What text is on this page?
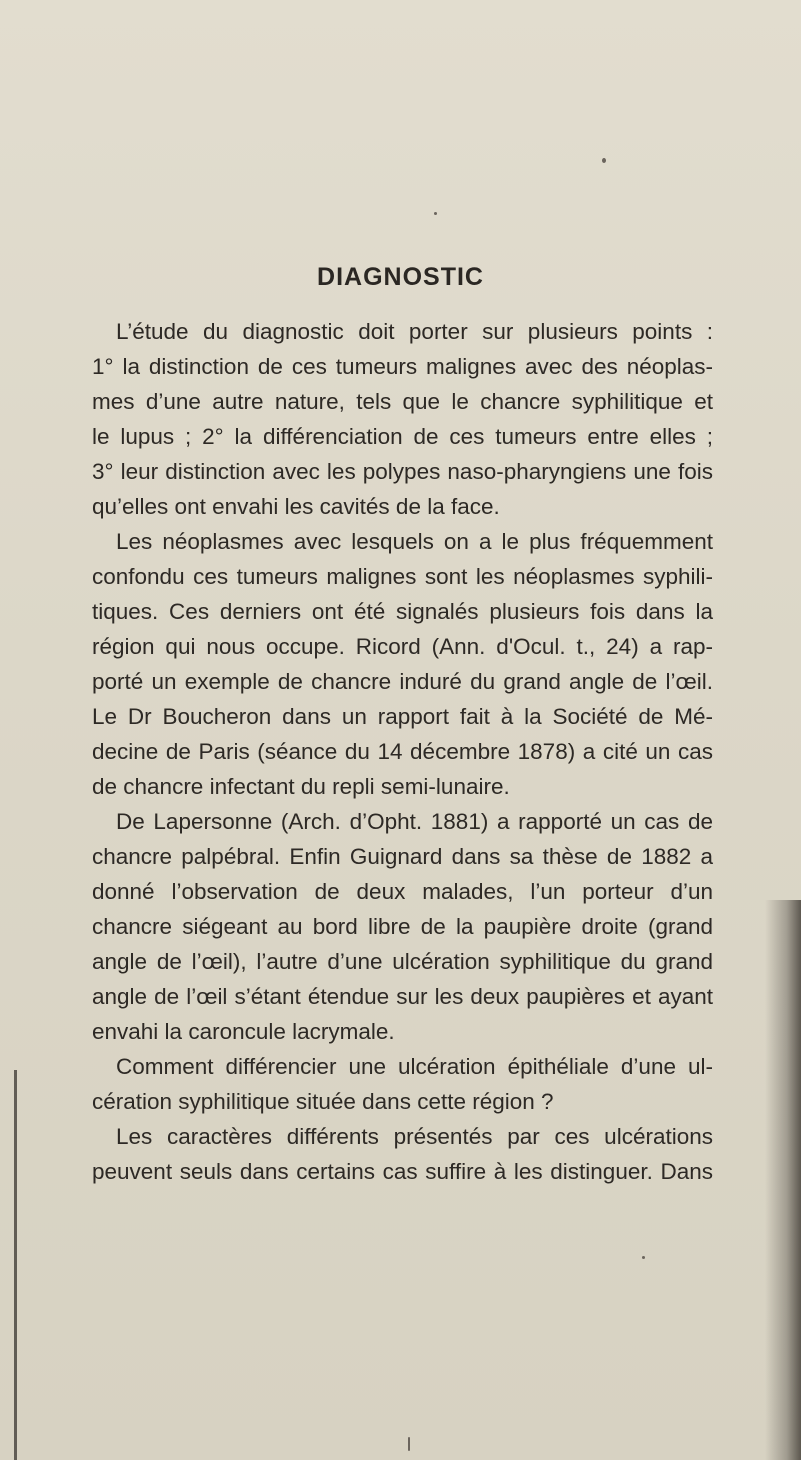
DIAGNOSTIC
L’étude du diagnostic doit porter sur plusieurs points :
1° la distinction de ces tumeurs malignes avec des néoplas-
mes d’une autre nature, tels que le chancre syphilitique et
le lupus ; 2° la différenciation de ces tumeurs entre elles ;
3° leur distinction avec les polypes naso-pharyngiens une fois
qu’elles ont envahi les cavités de la face.
Les néoplasmes avec lesquels on a le plus fréquemment
confondu ces tumeurs malignes sont les néoplasmes syphili-
tiques. Ces derniers ont été signalés plusieurs fois dans la
région qui nous occupe. Ricord (Ann. d'Ocul. t., 24) a rap-
porté un exemple de chancre induré du grand angle de l’œil.
Le Dr Boucheron dans un rapport fait à la Société de Mé-
decine de Paris (séance du 14 décembre 1878) a cité un cas
de chancre infectant du repli semi-lunaire.
De Lapersonne (Arch. d’Opht. 1881) a rapporté un cas de
chancre palpébral. Enfin Guignard dans sa thèse de 1882 a
donné l’observation de deux malades, l’un porteur d’un
chancre siégeant au bord libre de la paupière droite (grand
angle de l’œil), l’autre d’une ulcération syphilitique du grand
angle de l’œil s’étant étendue sur les deux paupières et ayant
envahi la caroncule lacrymale.
Comment différencier une ulcération épithéliale d’une ul-
cération syphilitique située dans cette région ?
Les caractères différents présentés par ces ulcérations
peuvent seuls dans certains cas suffire à les distinguer. Dans
